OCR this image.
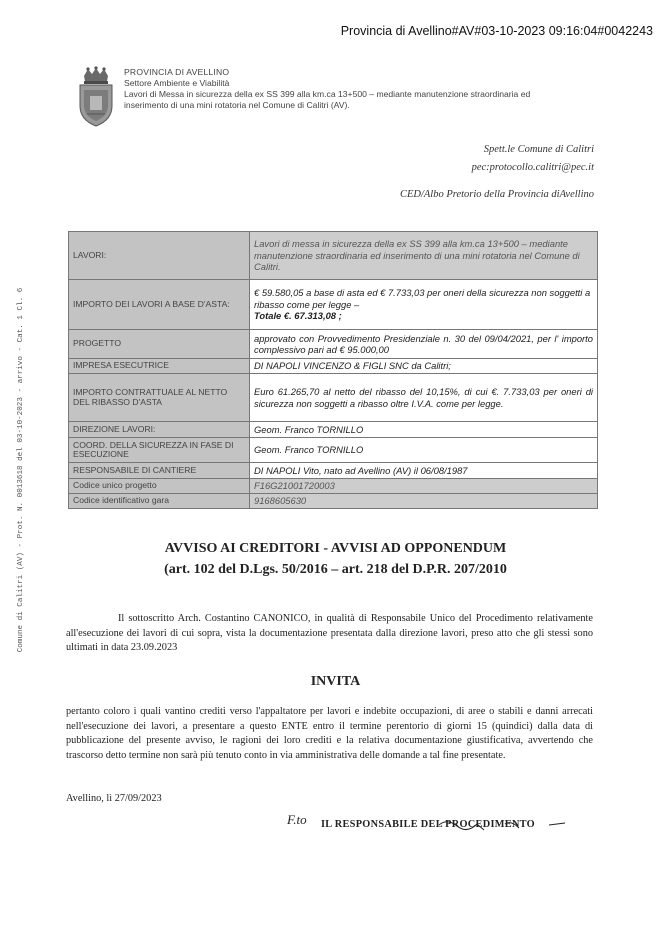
Provincia di Avellino#AV#03-10-2023 09:16:04#0042243
Comune di Calitri (AV) - Prot. N. 0013618 del 03-10-2023 - arrivo - Cat. 1 Cl. 6
PROVINCIA DI AVELLINO
Settore Ambiente e Viabilità
Lavori di Messa in sicurezza della ex SS 399 alla km.ca 13+500 – mediante manutenzione straordinaria ed
inserimento di una mini rotatoria nel Comune di Calitri (AV).
Spett.le Comune di Calitri
pec:protocollo.calitri@pec.it
CED/Albo Pretorio della Provincia diAvellino
LAVORI:	Lavori di messa in sicurezza della ex SS 399 alla km.ca 13+500 – mediante manutenzione straordinaria ed inserimento di una mini rotatoria nel Comune di Calitri.
IMPORTO DEI LAVORI A BASE D'ASTA:	€ 59.580,05 a base di asta ed € 7.733,03 per oneri della sicurezza non soggetti a ribasso come per legge –
Totale €. 67.313,08 ;

PROGETTO	approvato con Provvedimento Presidenziale n. 30 del 09/04/2021, per l' importo complessivo pari ad € 95.000,00
IMPRESA ESECUTRICE	DI NAPOLI VINCENZO & FIGLI SNC da Calitri;
IMPORTO CONTRATTUALE AL NETTO DEL RIBASSO D'ASTA	Euro 61.265,70 al netto del ribasso del 10,15%, di cui €. 7.733,03 per oneri di sicurezza non soggetti a ribasso oltre I.V.A. come per legge.
DIREZIONE LAVORI:	Geom. Franco TORNILLO
COORD. DELLA SICUREZZA IN FASE DI ESECUZIONE	Geom. Franco TORNILLO
RESPONSABILE DI CANTIERE	DI NAPOLI Vito, nato ad Avellino (AV) il 06/08/1987
Codice unico progetto	F16G21001720003
Codice identificativo gara	9168605630
AVVISO AI CREDITORI - AVVISI AD OPPONENDUM
(art. 102 del D.Lgs. 50/2016 – art. 218 del D.P.R. 207/2010
Il sottoscritto Arch. Costantino CANONICO, in qualità di Responsabile Unico del Procedimento relativamente all'esecuzione dei lavori di cui sopra, vista la documentazione presentata dalla direzione lavori, preso atto che gli stessi sono ultimati in data 23.09.2023
INVITA
pertanto coloro i quali vantino crediti verso l'appaltatore per lavori e indebite occupazioni, di aree o stabili e danni arrecati nell'esecuzione dei lavori, a presentare a questo ENTE entro il termine perentorio di giorni 15 (quindici) dalla data di pubblicazione del presente avviso, le ragioni dei loro crediti e la relativa documentazione giustificativa, avvertendo che trascorso detto termine non sarà più tenuto conto in via amministrativa delle domande a tal fine presentate.
Avellino, lì 27/09/2023
F.to IL RESPONSABILE DEL PROCEDIMENTO
